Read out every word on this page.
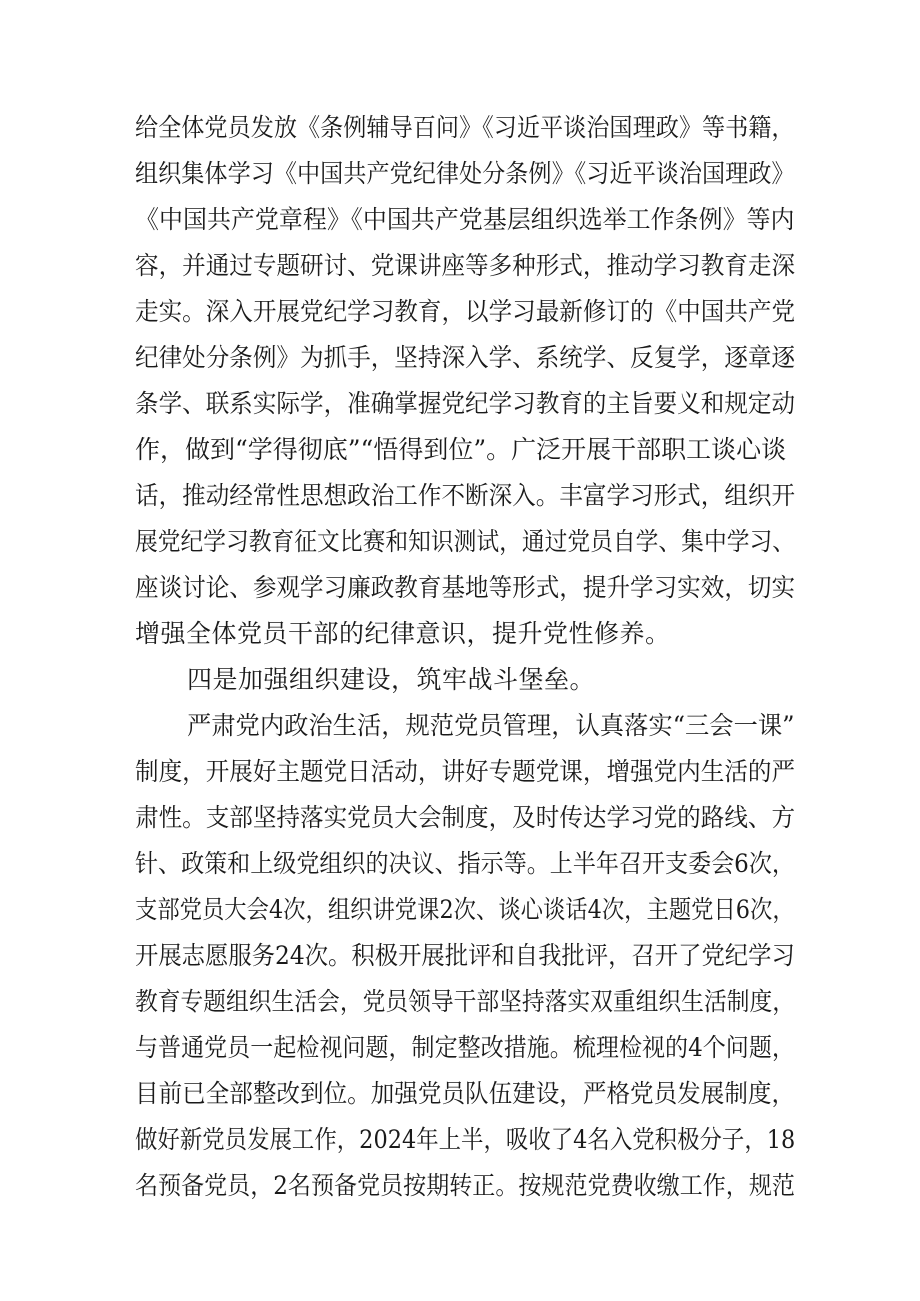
给全体党员发放《条例辅导百问》《习近平谈治国理政》等书籍，
组织集体学习《中国共产党纪律处分条例》《习近平谈治国理政》
《中国共产党章程》《中国共产党基层组织选举工作条例》等内
容，并通过专题研讨、党课讲座等多种形式，推动学习教育走深
走实。深入开展党纪学习教育，以学习最新修订的《中国共产党
纪律处分条例》为抓手，坚持深入学、系统学、反复学，逐章逐
条学、联系实际学，准确掌握党纪学习教育的主旨要义和规定动
作，做到“学得彻底”“悟得到位”。广泛开展干部职工谈心谈
话，推动经常性思想政治工作不断深入。丰富学习形式，组织开
展党纪学习教育征文比赛和知识测试，通过党员自学、集中学习、
座谈讨论、参观学习廉政教育基地等形式，提升学习实效，切实
增强全体党员干部的纪律意识，提升党性修养。
四是加强组织建设，筑牢战斗堡垒。
严肃党内政治生活，规范党员管理，认真落实“三会一课”
制度，开展好主题党日活动，讲好专题党课，增强党内生活的严
肃性。支部坚持落实党员大会制度，及时传达学习党的路线、方
针、政策和上级党组织的决议、指示等。上半年召开支委会6次，
支部党员大会4次，组织讲党课2次、谈心谈话4次，主题党日6次，
开展志愿服务24次。积极开展批评和自我批评，召开了党纪学习
教育专题组织生活会，党员领导干部坚持落实双重组织生活制度，
与普通党员一起检视问题，制定整改措施。梳理检视的4个问题，
目前已全部整改到位。加强党员队伍建设，严格党员发展制度，
做好新党员发展工作，2024年上半，吸收了4名入党积极分子，18
名预备党员，2名预备党员按期转正。按规范党费收缴工作，规范
